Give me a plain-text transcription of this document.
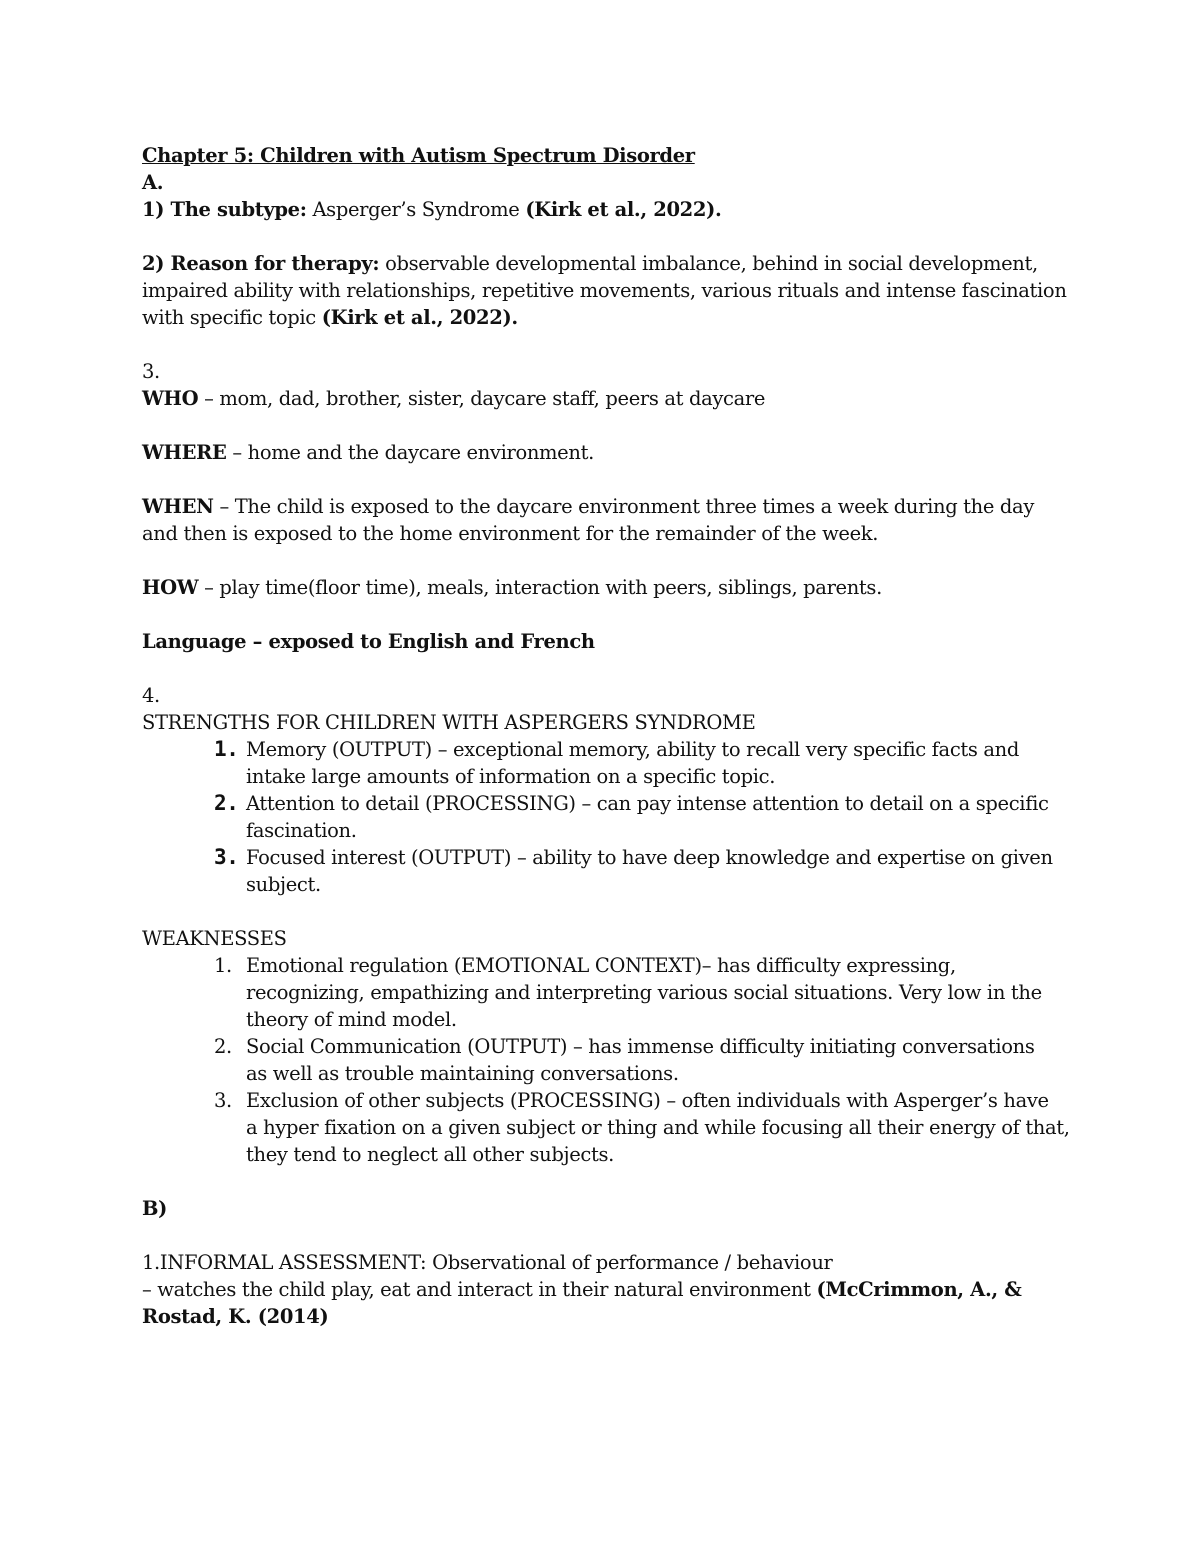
Chapter 5: Children with Autism Spectrum Disorder
A.
1) The subtype: Asperger’s Syndrome (Kirk et al., 2022).
2) Reason for therapy: observable developmental imbalance, behind in social development,
impaired ability with relationships, repetitive movements, various rituals and intense fascination
with specific topic (Kirk et al., 2022).
3.
WHO – mom, dad, brother, sister, daycare staff, peers at daycare
WHERE – home and the daycare environment.
WHEN – The child is exposed to the daycare environment three times a week during the day
and then is exposed to the home environment for the remainder of the week.
HOW – play time(floor time), meals, interaction with peers, siblings, parents.
Language – exposed to English and French
4.
STRENGTHS FOR CHILDREN WITH ASPERGERS SYNDROME
1. Memory (OUTPUT) – exceptional memory, ability to recall very specific facts and
intake large amounts of information on a specific topic.
2. Attention to detail (PROCESSING) – can pay intense attention to detail on a specific
fascination.
3. Focused interest (OUTPUT) – ability to have deep knowledge and expertise on given
subject.
WEAKNESSES
1. Emotional regulation (EMOTIONAL CONTEXT)– has difficulty expressing,
recognizing, empathizing and interpreting various social situations. Very low in the
theory of mind model.
2. Social Communication (OUTPUT) – has immense difficulty initiating conversations
as well as trouble maintaining conversations.
3. Exclusion of other subjects (PROCESSING) – often individuals with Asperger’s have
a hyper fixation on a given subject or thing and while focusing all their energy of that,
they tend to neglect all other subjects.
B)
1.INFORMAL ASSESSMENT: Observational of performance / behaviour
– watches the child play, eat and interact in their natural environment (McCrimmon, A., &
Rostad, K. (2014)
